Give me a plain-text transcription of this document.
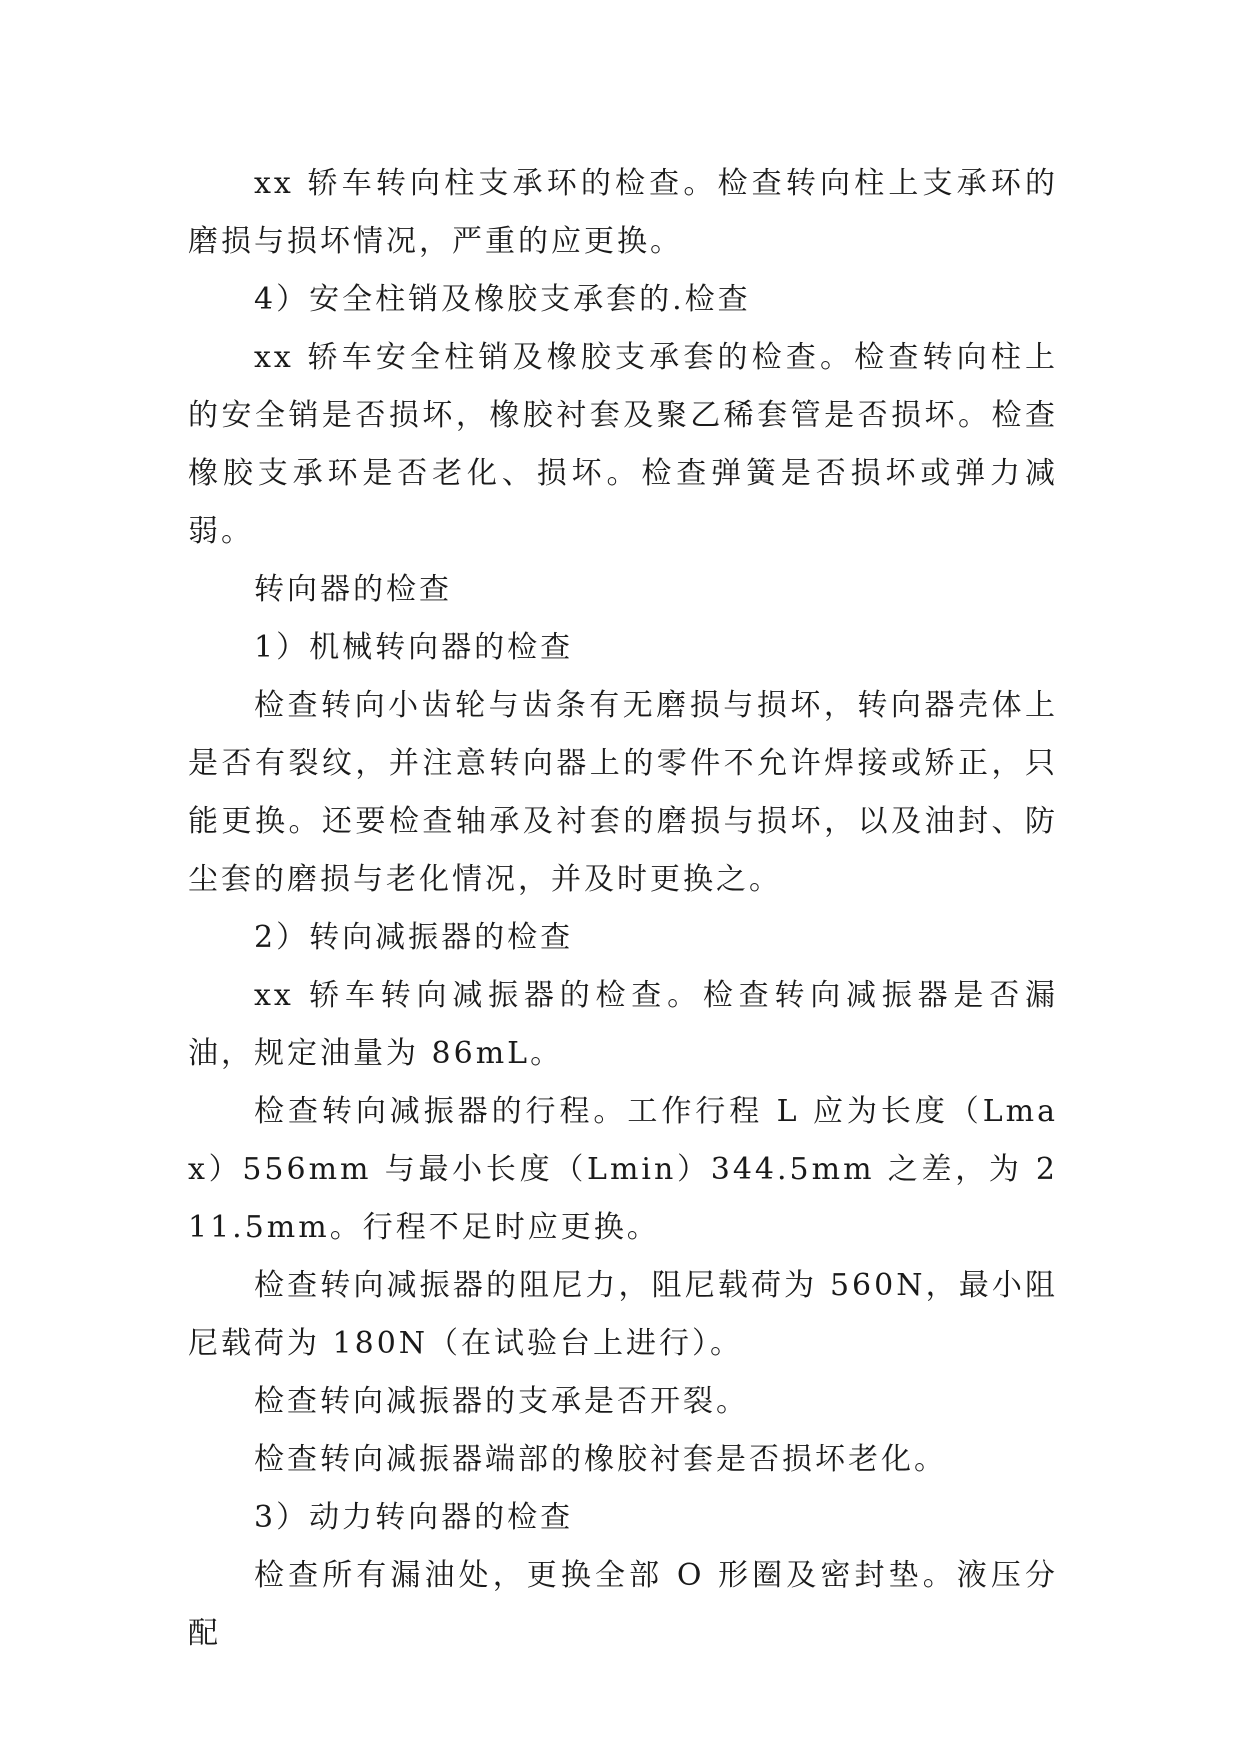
xx 轿车转向柱支承环的检查。检查转向柱上支承环的磨损与损坏情况，严重的应更换。

4）安全柱销及橡胶支承套的.检查

xx 轿车安全柱销及橡胶支承套的检查。检查转向柱上的安全销是否损坏，橡胶衬套及聚乙稀套管是否损坏。检查橡胶支承环是否老化、损坏。检查弹簧是否损坏或弹力减弱。

转向器的检查

1）机械转向器的检查

检查转向小齿轮与齿条有无磨损与损坏，转向器壳体上是否有裂纹，并注意转向器上的零件不允许焊接或矫正，只能更换。还要检查轴承及衬套的磨损与损坏，以及油封、防尘套的磨损与老化情况，并及时更换之。

2）转向减振器的检查

xx 轿车转向减振器的检查。检查转向减振器是否漏油，规定油量为 86mL。

检查转向减振器的行程。工作行程 L 应为长度（Lmax）556mm 与最小长度（Lmin）344.5mm 之差，为 211.5mm。行程不足时应更换。

检查转向减振器的阻尼力，阻尼载荷为 560N，最小阻尼载荷为 180N（在试验台上进行）。

检查转向减振器的支承是否开裂。

检查转向减振器端部的橡胶衬套是否损坏老化。

3）动力转向器的检查

检查所有漏油处，更换全部 O 形圈及密封垫。液压分配
